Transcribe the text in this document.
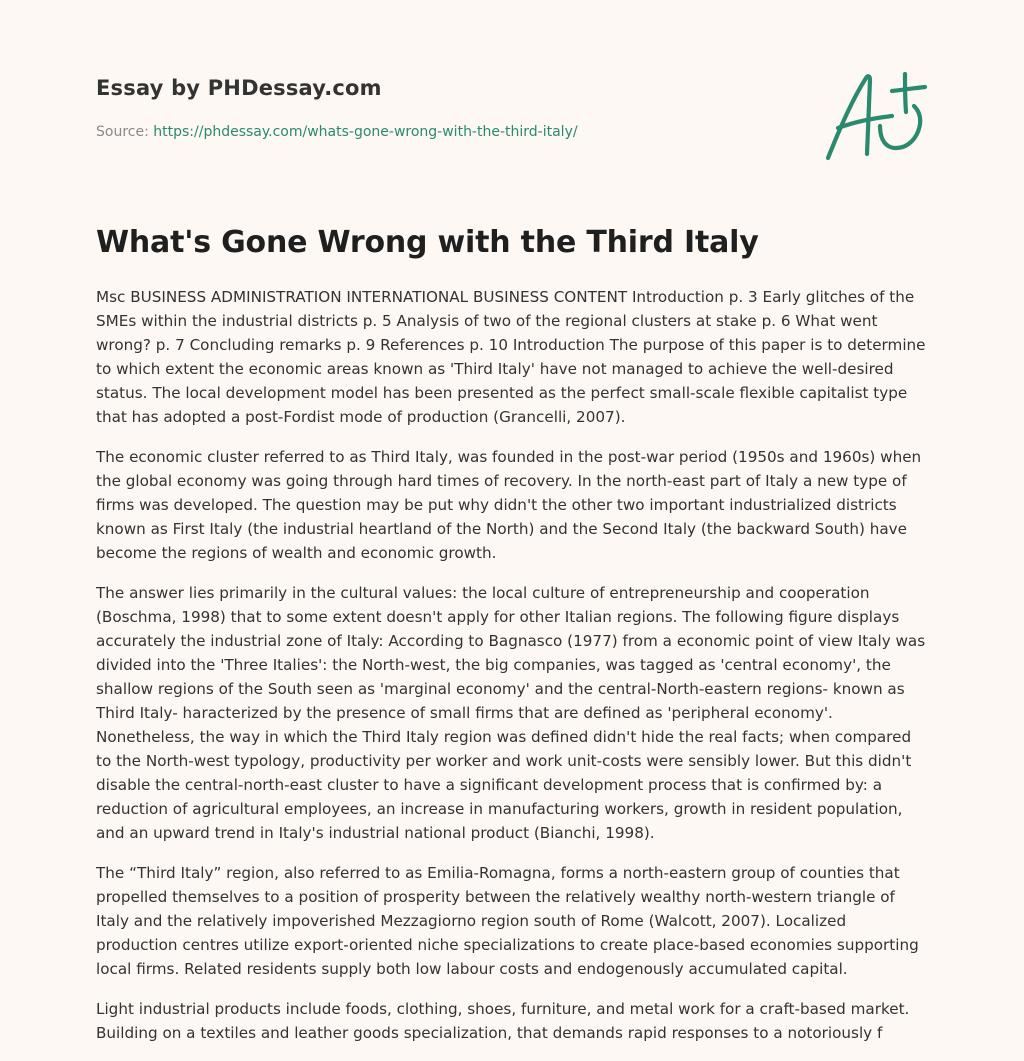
Essay by PHDessay.com
Source: https://phdessay.com/whats-gone-wrong-with-the-third-italy/
What's Gone Wrong with the Third Italy

Msc BUSINESS ADMINISTRATION INTERNATIONAL BUSINESS CONTENT Introduction p. 3 Early glitches of the SMEs within the industrial districts p. 5 Analysis of two of the regional clusters at stake p. 6 What went wrong? p. 7 Concluding remarks p. 9 References p. 10 Introduction The purpose of this paper is to determine to which extent the economic areas known as 'Third Italy' have not managed to achieve the well-desired status. The local development model has been presented as the perfect small-scale flexible capitalist type that has adopted a post-Fordist mode of production (Grancelli, 2007).

The economic cluster referred to as Third Italy, was founded in the post-war period (1950s and 1960s) when the global economy was going through hard times of recovery. In the north-east part of Italy a new type of firms was developed. The question may be put why didn't the other two important industrialized districts known as First Italy (the industrial heartland of the North) and the Second Italy (the backward South) have become the regions of wealth and economic growth.

The answer lies primarily in the cultural values: the local culture of entrepreneurship and cooperation (Boschma, 1998) that to some extent doesn't apply for other Italian regions. The following figure displays accurately the industrial zone of Italy: According to Bagnasco (1977) from a economic point of view Italy was divided into the 'Three Italies': the North-west, the big companies, was tagged as 'central economy', the shallow regions of the South seen as 'marginal economy' and the central-North-eastern regions- known as Third Italy- haracterized by the presence of small firms that are defined as 'peripheral economy'. Nonetheless, the way in which the Third Italy region was defined didn't hide the real facts; when compared to the North-west typology, productivity per worker and work unit-costs were sensibly lower. But this didn't disable the central-north-east cluster to have a significant development process that is confirmed by: a reduction of agricultural employees, an increase in manufacturing workers, growth in resident population, and an upward trend in Italy's industrial national product (Bianchi, 1998).

The “Third Italy” region, also referred to as Emilia-Romagna, forms a north-eastern group of counties that propelled themselves to a position of prosperity between the relatively wealthy north-western triangle of Italy and the relatively impoverished Mezzagiorno region south of Rome (Walcott, 2007). Localized production centres utilize export-oriented niche specializations to create place-based economies supporting local firms. Related residents supply both low labour costs and endogenously accumulated capital.

Light industrial products include foods, clothing, shoes, furniture, and metal work for a craft-based market. Building on a textiles and leather goods specialization, that demands rapid responses to a notoriously f
